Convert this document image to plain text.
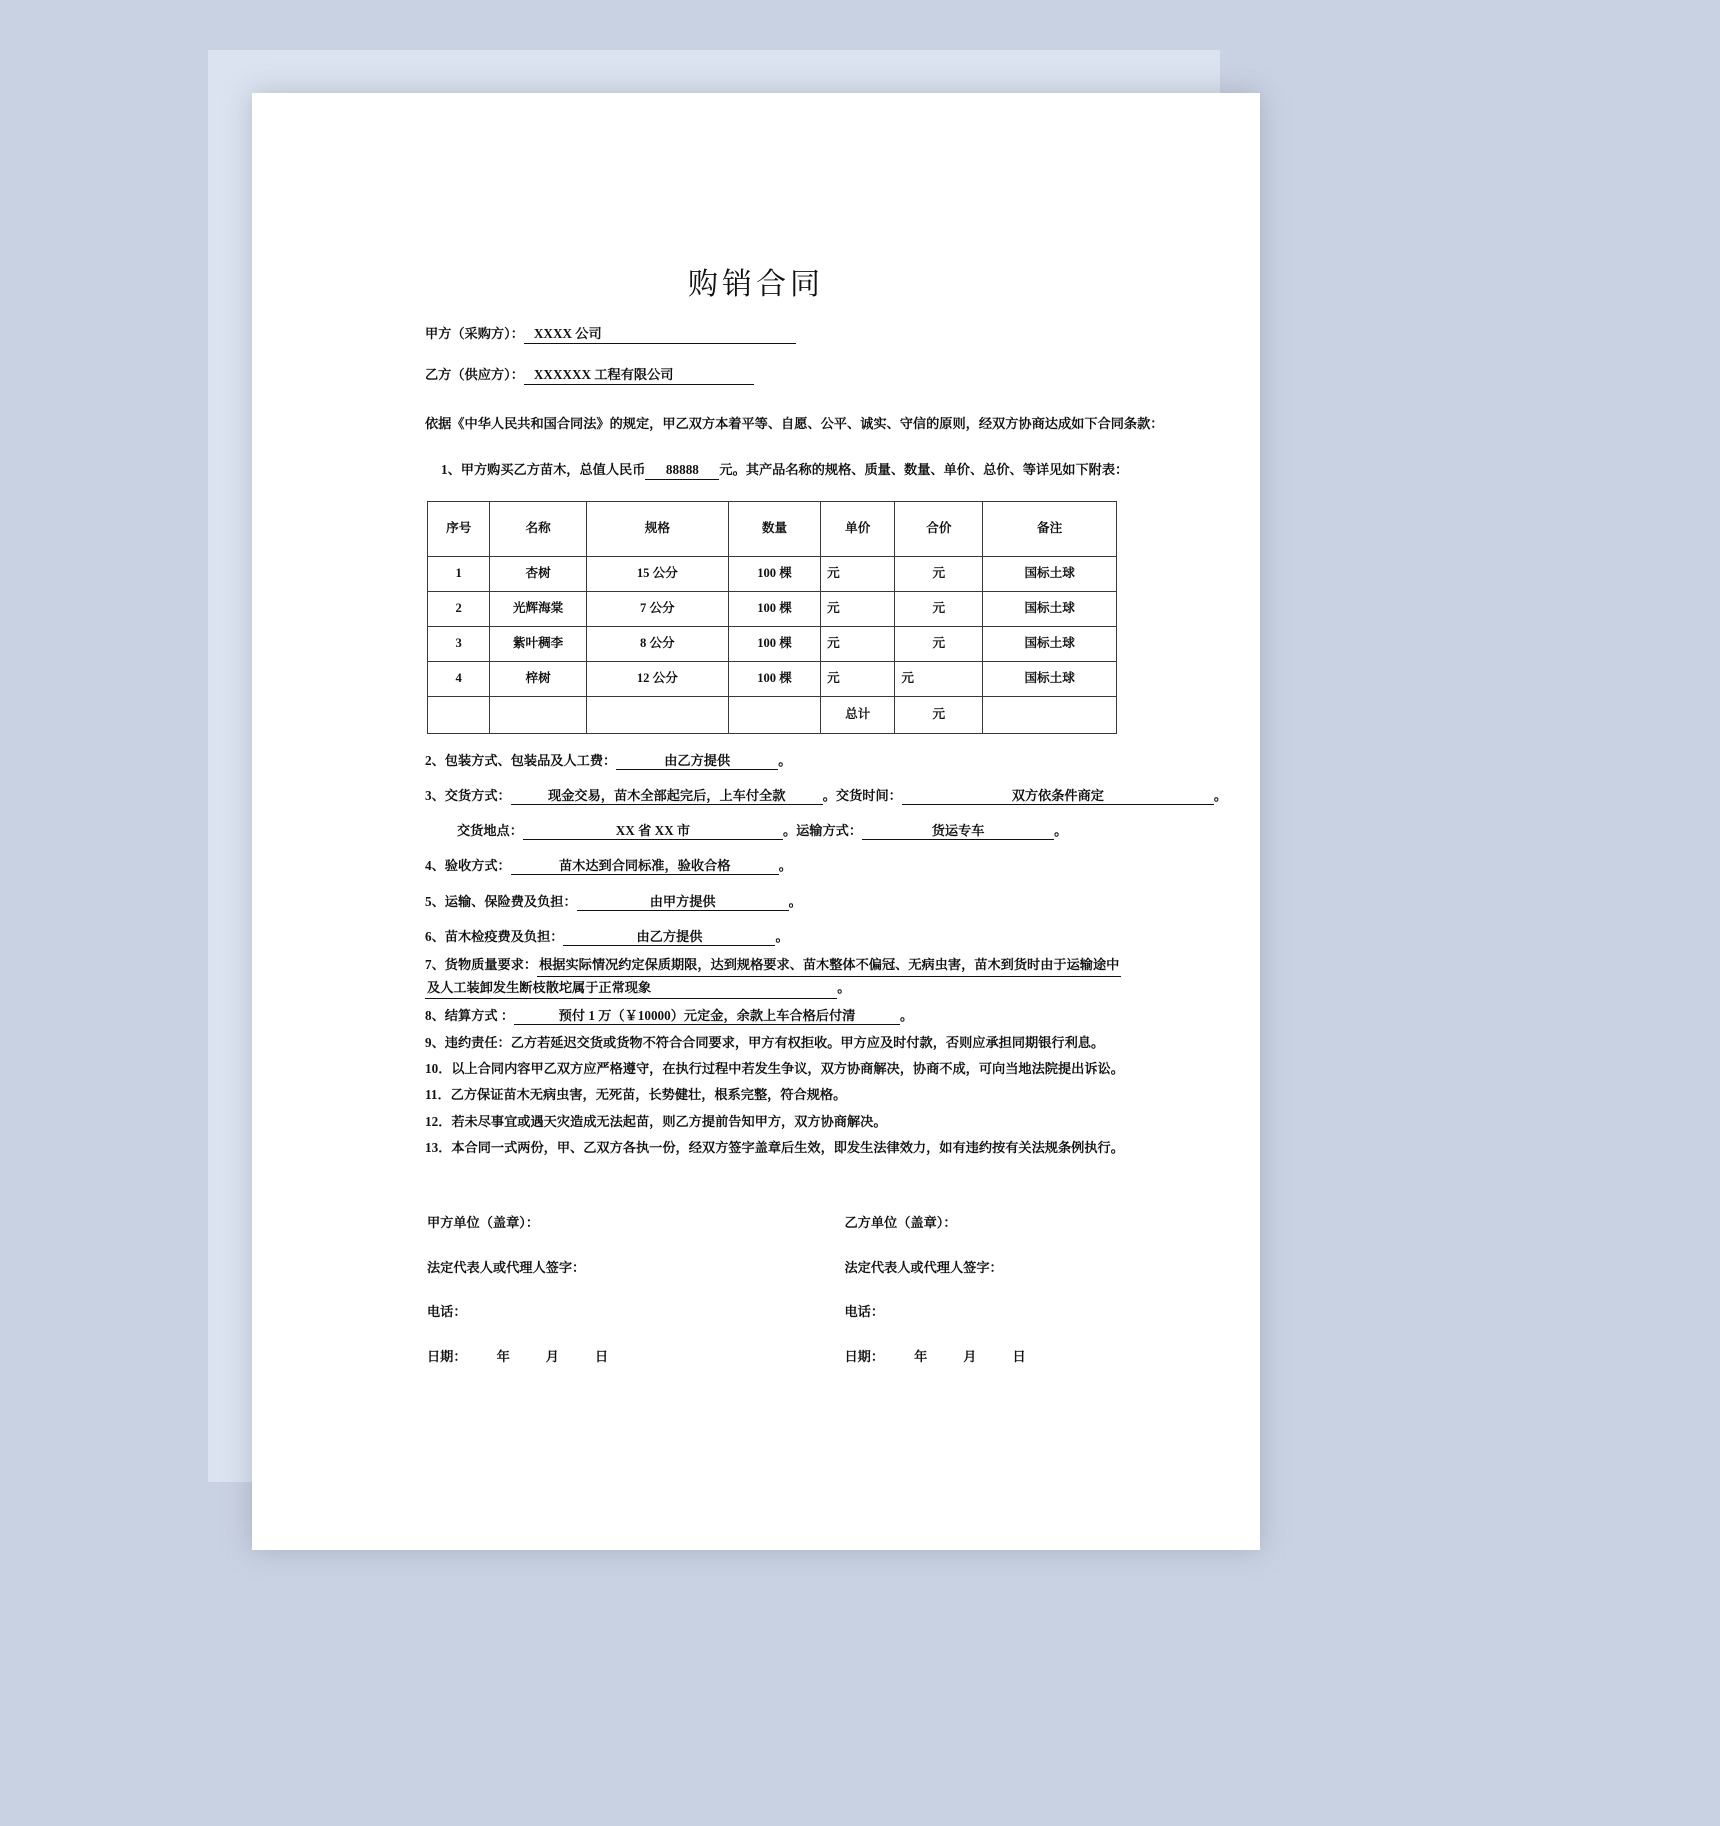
购销合同
甲方（采购方）： XXXX 公司
乙方（供应方）： XXXXXX 工程有限公司
依据《中华人民共和国合同法》的规定，甲乙双方本着平等、自愿、公平、诚实、守信的原则，经双方协商达成如下合同条款：
1、甲方购买乙方苗木，总值人民币 88888 元。其产品名称的规格、质量、数量、单价、总价、等详见如下附表：
序号	名称	规格	数量	单价	合价	备注
1	杏树	15 公分	100 棵	元	元	国标土球
2	光辉海棠	7 公分	100 棵	元	元	国标土球
3	紫叶稠李	8 公分	100 棵	元	元	国标土球
4	梓树	12 公分	100 棵	元	元	国标土球
				总计	元	
2、包装方式、包装品及人工费：	由乙方提供	。
3、交货方式：	现金交易，苗木全部起完后，上车付全款	。交货时间：	双方依条件商定	。
交货地点：	XX 省 XX 市	。运输方式：	货运专车	。
4、验收方式：	苗木达到合同标准，验收合格	。
5、运输、保险费及负担：	由甲方提供	。
6、苗木检疫费及负担：	由乙方提供	。
7、货物质量要求： 根据实际情况约定保质期限，达到规格要求、苗木整体不偏冠、无病虫害，苗木到货时由于运输途中
及人工装卸发生断枝散坨属于正常现象	。
8、结算方式 ：	预付 1 万（￥10000）元定金，余款上车合格后付清	。
9、违约责任：乙方若延迟交货或货物不符合合同要求，甲方有权拒收。甲方应及时付款，否则应承担同期银行利息。
10．以上合同内容甲乙双方应严格遵守，在执行过程中若发生争议，双方协商解决，协商不成，可向当地法院提出诉讼。
11．乙方保证苗木无病虫害，无死苗，长势健壮，根系完整，符合规格。
12．若未尽事宜或遇天灾造成无法起苗，则乙方提前告知甲方，双方协商解决。
13．本合同一式两份，甲、乙双方各执一份，经双方签字盖章后生效，即发生法律效力，如有违约按有关法规条例执行。
甲方单位（盖章）：
法定代表人或代理人签字：
电话：
日期： 年	月	日
乙方单位（盖章）：
法定代表人或代理人签字：
电话：
日期： 年	月	日
